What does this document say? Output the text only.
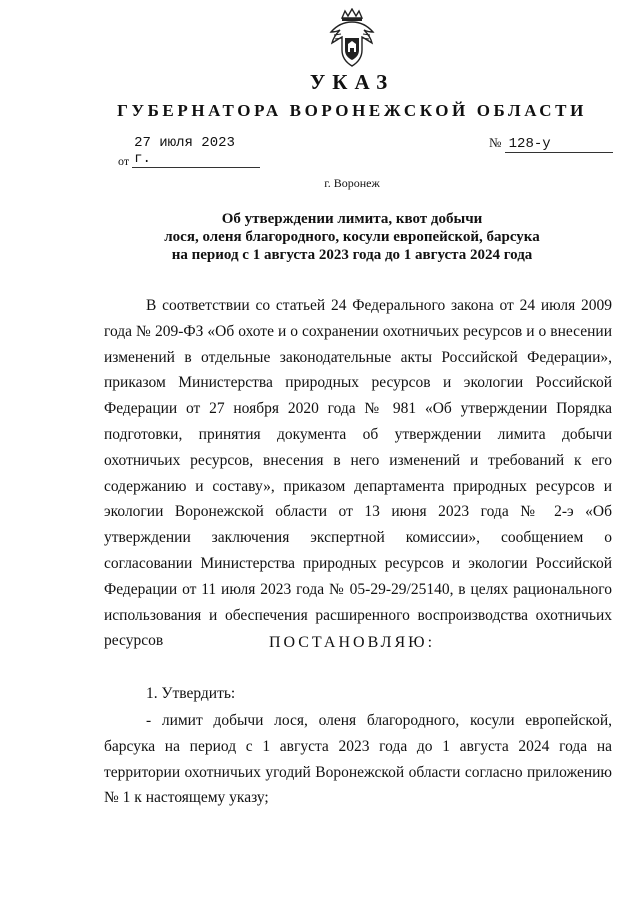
УКАЗ
ГУБЕРНАТОРА ВОРОНЕЖСКОЙ ОБЛАСТИ
от 27 июля 2023 г.
№ 128-у
г. Воронеж
Об утверждении лимита, квот добычи
лося, оленя благородного, косули европейской, барсука
на период с 1 августа 2023 года до 1 августа 2024 года
В соответствии со статьей 24 Федерального закона от 24 июля 2009 года № 209-ФЗ «Об охоте и о сохранении охотничьих ресурсов и о внесении изменений в отдельные законодательные акты Российской Федерации», приказом Министерства природных ресурсов и экологии Российской Федерации от 27 ноября 2020 года № 981 «Об утверждении Порядка подготовки, принятия документа об утверждении лимита добычи охотничьих ресурсов, внесения в него изменений и требований к его содержанию и составу», приказом департамента природных ресурсов и экологии Воронежской области от 13 июня 2023 года № 2-э «Об утверждении заключения экспертной комиссии», сообщением о согласовании Министерства природных ресурсов и экологии Российской Федерации от 11 июля 2023 года № 05-29-29/25140, в целях рационального использования и обеспечения расширенного воспроизводства охотничьих ресурсов	ПОСТАНОВЛЯЮ:
1. Утвердить:
- лимит добычи лося, оленя благородного, косули европейской, барсука на период с 1 августа 2023 года до 1 августа 2024 года на территории охотничьих угодий Воронежской области согласно приложению № 1 к настоящему указу;
